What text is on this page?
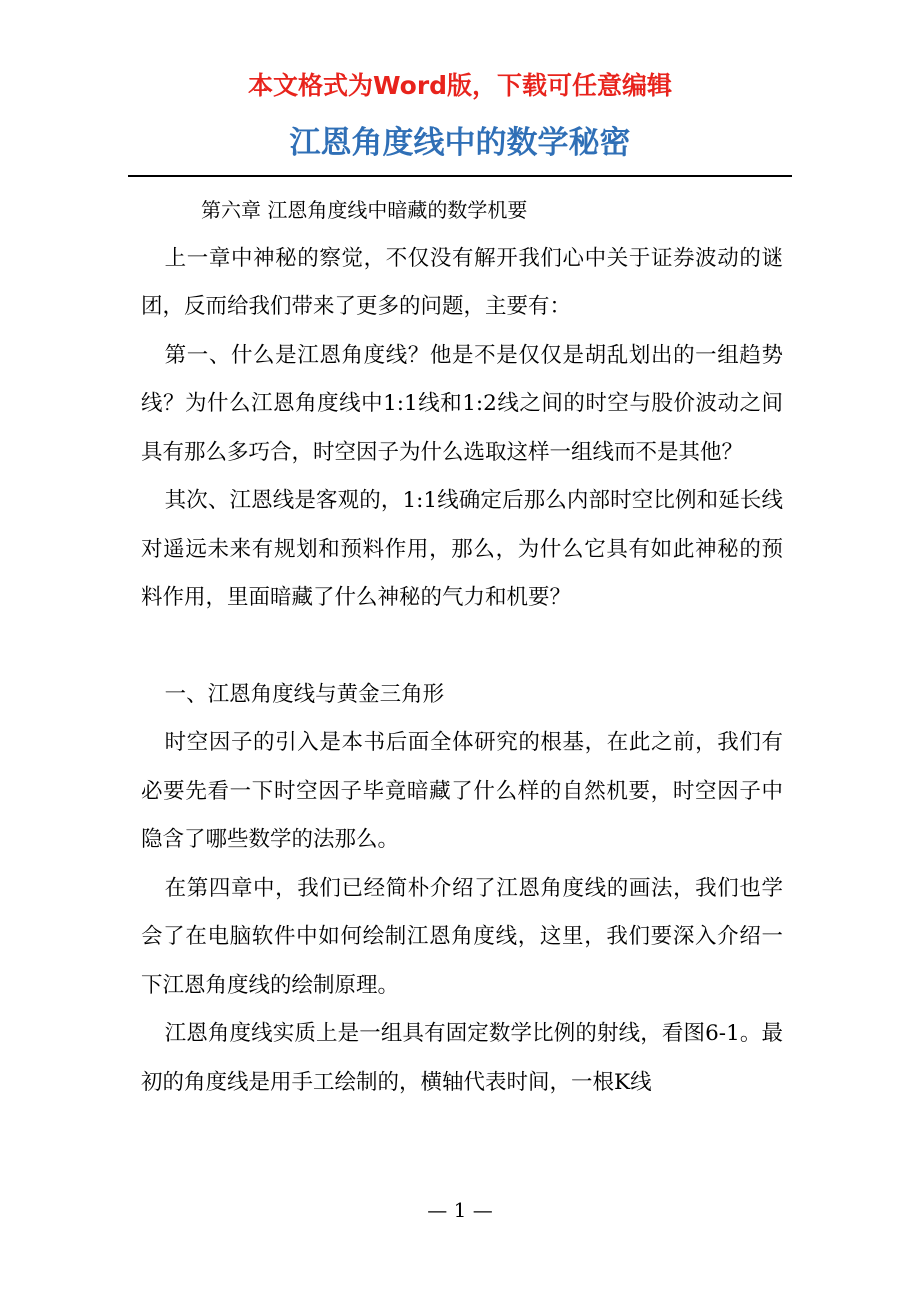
本文格式为Word版，下载可任意编辑
江恩角度线中的数学秘密

第六章 江恩角度线中暗藏的数学机要

上一章中神秘的察觉，不仅没有解开我们心中关于证券波动的谜团，反而给我们带来了更多的问题，主要有：

第一、什么是江恩角度线？他是不是仅仅是胡乱划出的一组趋势线？为什么江恩角度线中1:1线和1:2线之间的时空与股价波动之间具有那么多巧合，时空因子为什么选取这样一组线而不是其他？

其次、江恩线是客观的，1:1线确定后那么内部时空比例和延长线对遥远未来有规划和预料作用，那么，为什么它具有如此神秘的预料作用，里面暗藏了什么神秘的气力和机要？

一、江恩角度线与黄金三角形

时空因子的引入是本书后面全体研究的根基，在此之前，我们有必要先看一下时空因子毕竟暗藏了什么样的自然机要，时空因子中隐含了哪些数学的法那么。

在第四章中，我们已经简朴介绍了江恩角度线的画法，我们也学会了在电脑软件中如何绘制江恩角度线，这里，我们要深入介绍一下江恩角度线的绘制原理。

江恩角度线实质上是一组具有固定数学比例的射线，看图6-1。最初的角度线是用手工绘制的，横轴代表时间，一根K线

— 1 —
